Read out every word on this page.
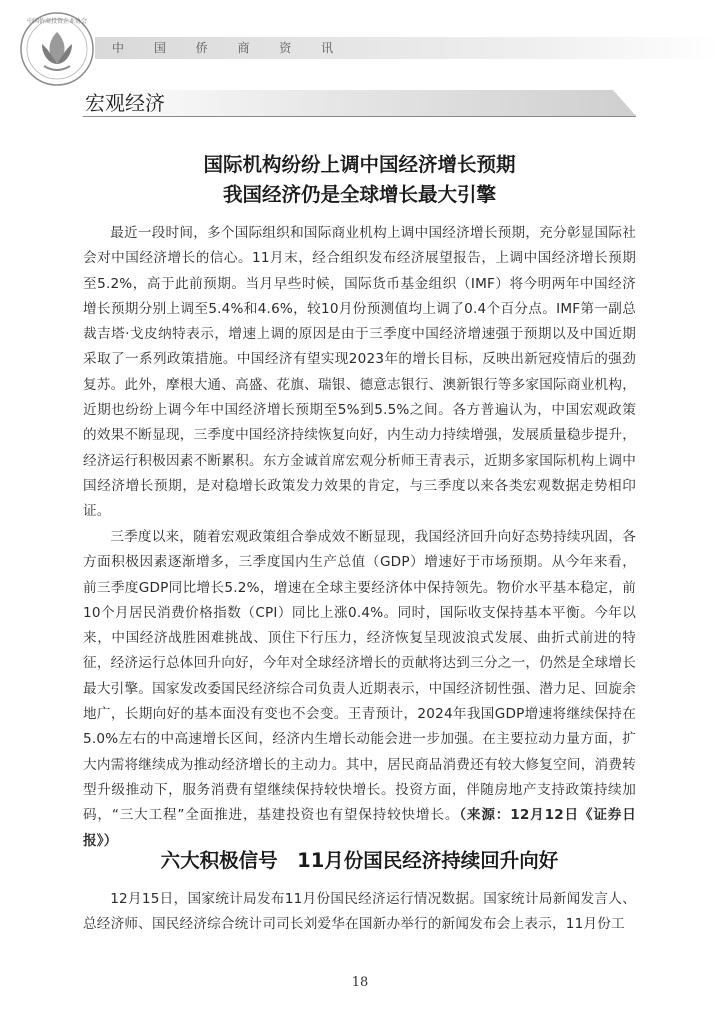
中 国 侨 商 资 讯
中国侨商投资企业协会
宏观经济
国际机构纷纷上调中国经济增长预期
我国经济仍是全球增长最大引擎

最近一段时间，多个国际组织和国际商业机构上调中国经济增长预期，充分彰显国际社会对中国经济增长的信心。11月末，经合组织发布经济展望报告，上调中国经济增长预期至5.2%，高于此前预期。当月早些时候，国际货币基金组织（IMF）将今明两年中国经济增长预期分别上调至5.4%和4.6%，较10月份预测值均上调了0.4个百分点。IMF第一副总裁吉塔·戈皮纳特表示，增速上调的原因是由于三季度中国经济增速强于预期以及中国近期采取了一系列政策措施。中国经济有望实现2023年的增长目标，反映出新冠疫情后的强劲复苏。此外，摩根大通、高盛、花旗、瑞银、德意志银行、澳新银行等多家国际商业机构，近期也纷纷上调今年中国经济增长预期至5%到5.5%之间。各方普遍认为，中国宏观政策的效果不断显现，三季度中国经济持续恢复向好，内生动力持续增强，发展质量稳步提升，经济运行积极因素不断累积。东方金诚首席宏观分析师王青表示，近期多家国际机构上调中国经济增长预期，是对稳增长政策发力效果的肯定，与三季度以来各类宏观数据走势相印证。

三季度以来，随着宏观政策组合拳成效不断显现，我国经济回升向好态势持续巩固，各方面积极因素逐渐增多，三季度国内生产总值（GDP）增速好于市场预期。从今年来看，前三季度GDP同比增长5.2%，增速在全球主要经济体中保持领先。物价水平基本稳定，前10个月居民消费价格指数（CPI）同比上涨0.4%。同时，国际收支保持基本平衡。今年以来，中国经济战胜困难挑战、顶住下行压力，经济恢复呈现波浪式发展、曲折式前进的特征，经济运行总体回升向好，今年对全球经济增长的贡献将达到三分之一，仍然是全球增长最大引擎。国家发改委国民经济综合司负责人近期表示，中国经济韧性强、潜力足、回旋余地广，长期向好的基本面没有变也不会变。王青预计，2024年我国GDP增速将继续保持在5.0%左右的中高速增长区间，经济内生增长动能会进一步加强。在主要拉动力量方面，扩大内需将继续成为推动经济增长的主动力。其中，居民商品消费还有较大修复空间，消费转型升级推动下，服务消费有望继续保持较快增长。投资方面，伴随房地产支持政策持续加码，“三大工程”全面推进，基建投资也有望保持较快增长。（来源：12月12日《证券日报》）

六大积极信号　11月份国民经济持续回升向好

12月15日，国家统计局发布11月份国民经济运行情况数据。国家统计局新闻发言人、总经济师、国民经济综合统计司司长刘爱华在国新办举行的新闻发布会上表示，11月份工

18
